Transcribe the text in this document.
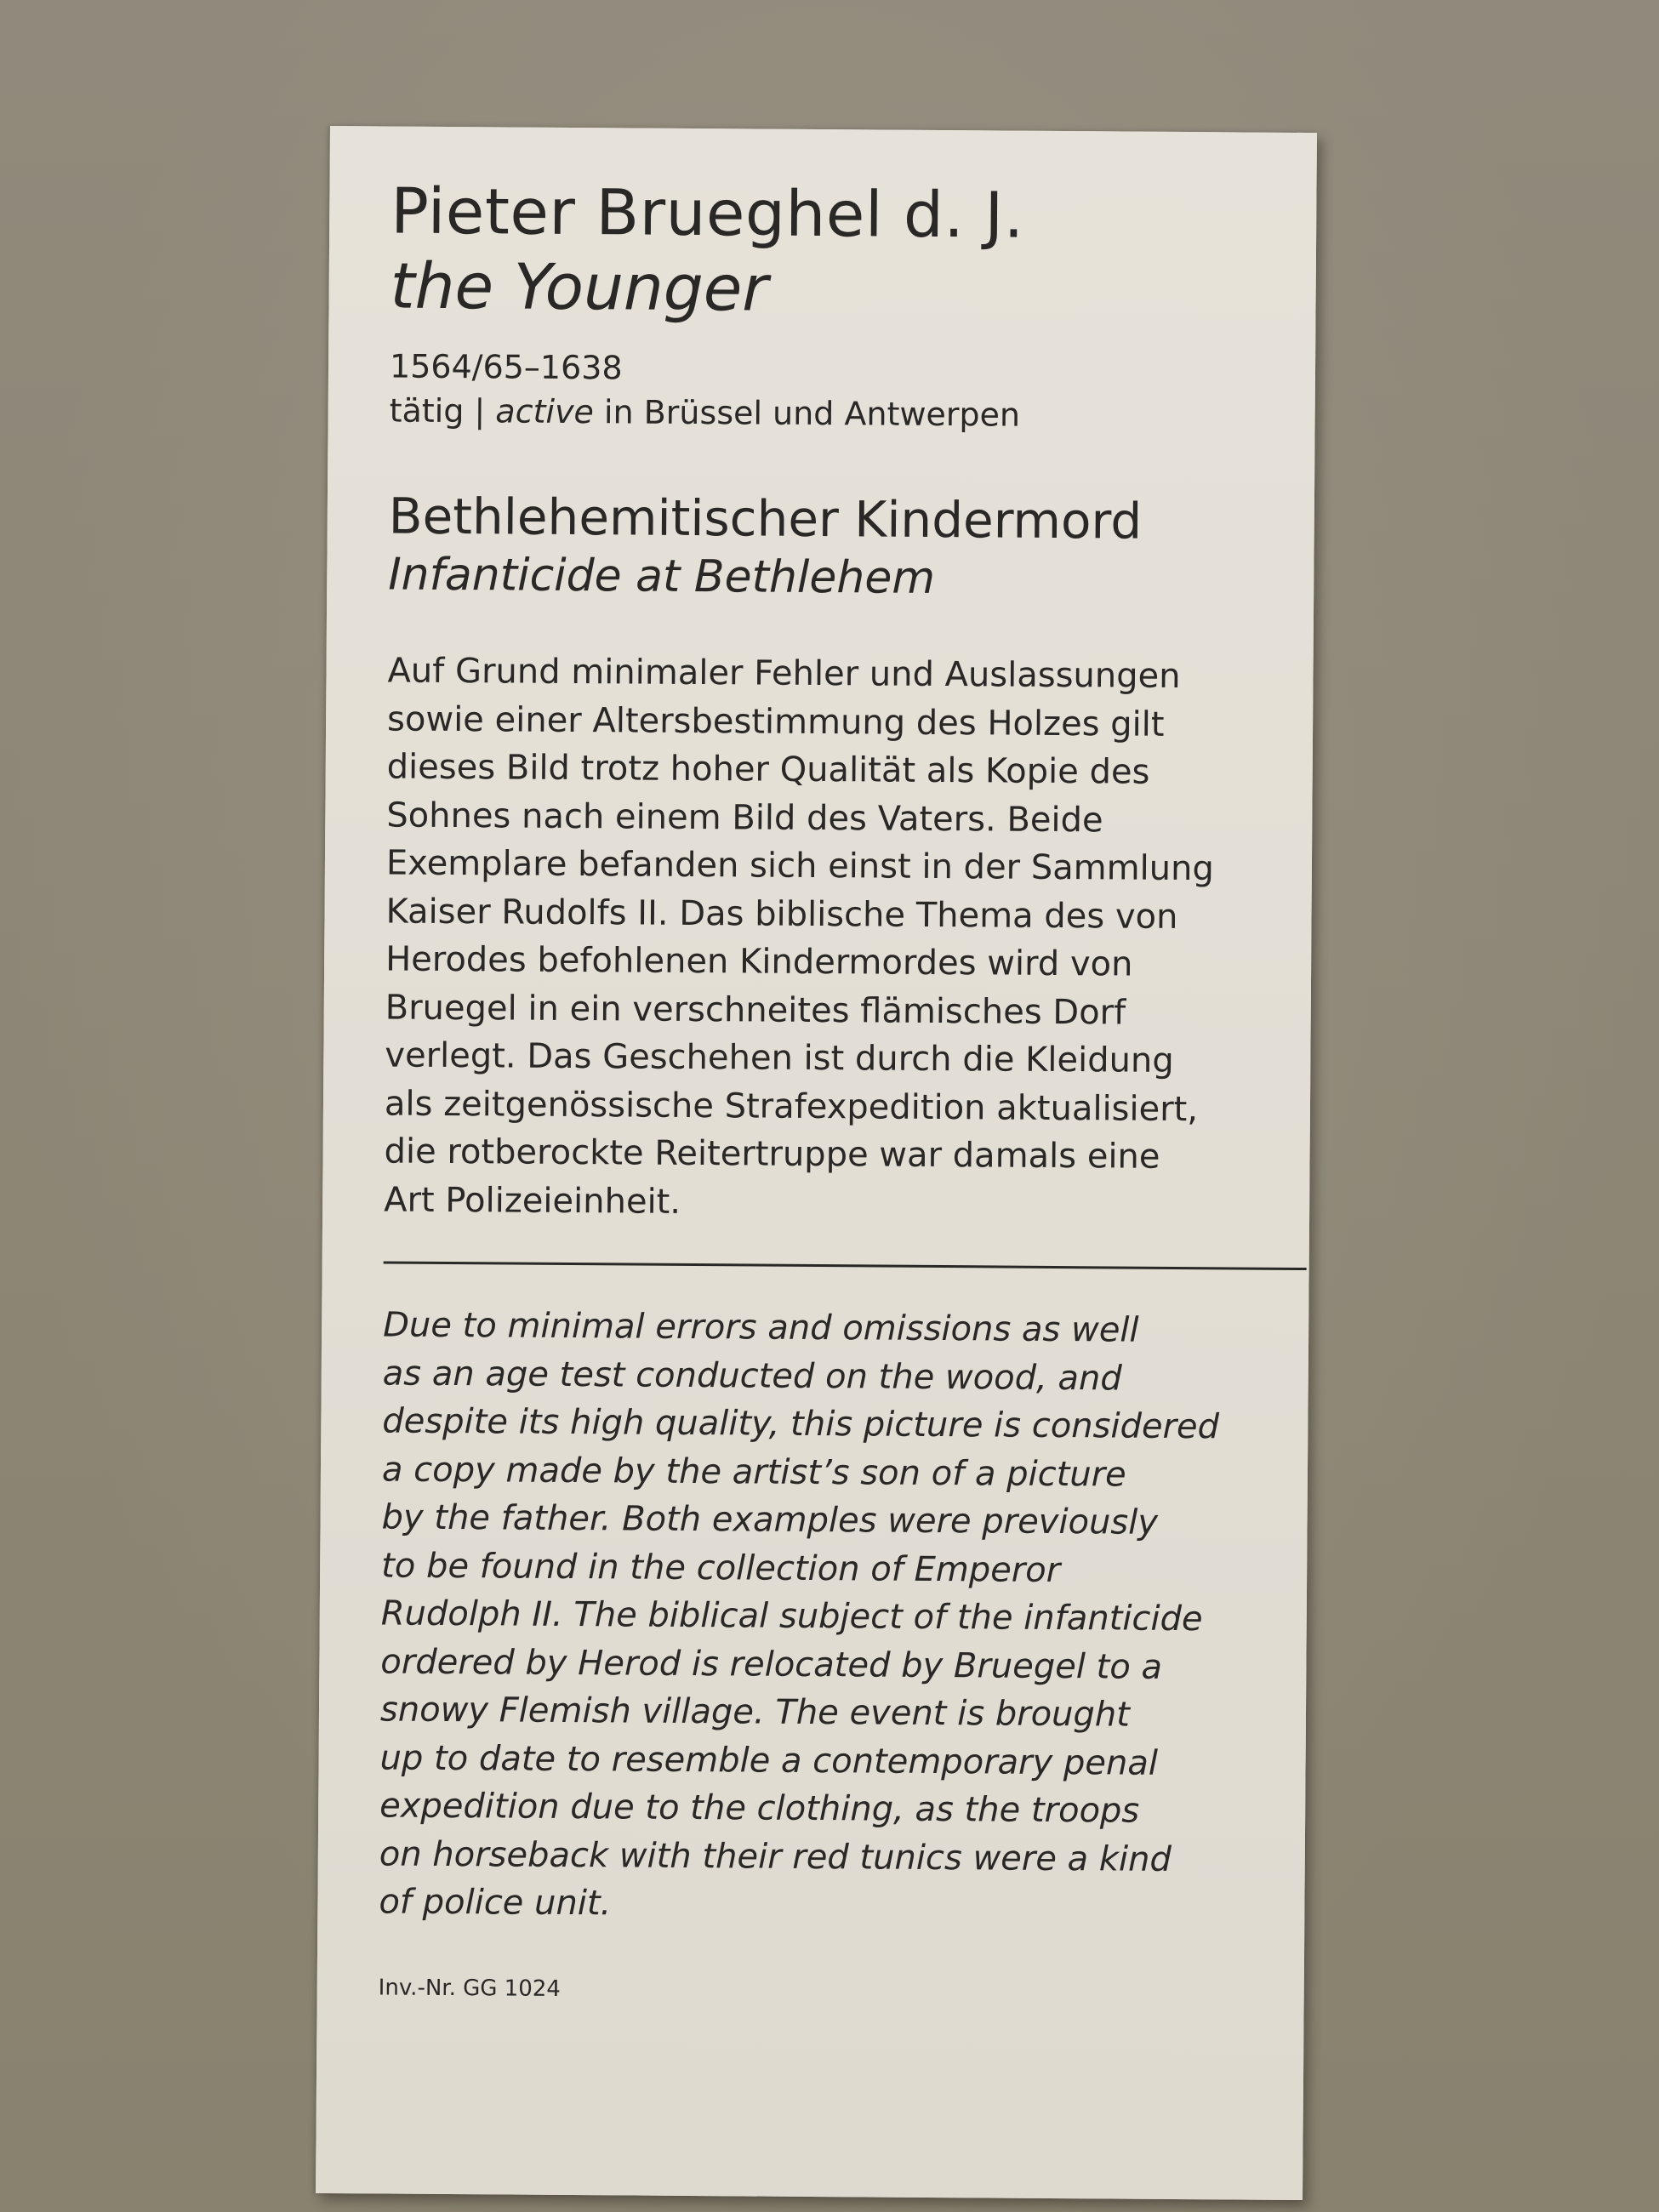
Pieter Brueghel d. J.
the Younger
1564/65–1638
tätig | active in Brüssel und Antwerpen
Bethlehemitischer Kindermord
Infanticide at Bethlehem
Auf Grund minimaler Fehler und Auslassungen
sowie einer Altersbestimmung des Holzes gilt
dieses Bild trotz hoher Qualität als Kopie des
Sohnes nach einem Bild des Vaters. Beide
Exemplare befanden sich einst in der Sammlung
Kaiser Rudolfs II. Das biblische Thema des von
Herodes befohlenen Kindermordes wird von
Bruegel in ein verschneites flämisches Dorf
verlegt. Das Geschehen ist durch die Kleidung
als zeitgenössische Strafexpedition aktualisiert,
die rotberockte Reitertruppe war damals eine
Art Polizeieinheit.
Due to minimal errors and omissions as well
as an age test conducted on the wood, and
despite its high quality, this picture is considered
a copy made by the artist’s son of a picture
by the father. Both examples were previously
to be found in the collection of Emperor
Rudolph II. The biblical subject of the infanticide
ordered by Herod is relocated by Bruegel to a
snowy Flemish village. The event is brought
up to date to resemble a contemporary penal
expedition due to the clothing, as the troops
on horseback with their red tunics were a kind
of police unit.
Inv.-Nr. GG 1024
